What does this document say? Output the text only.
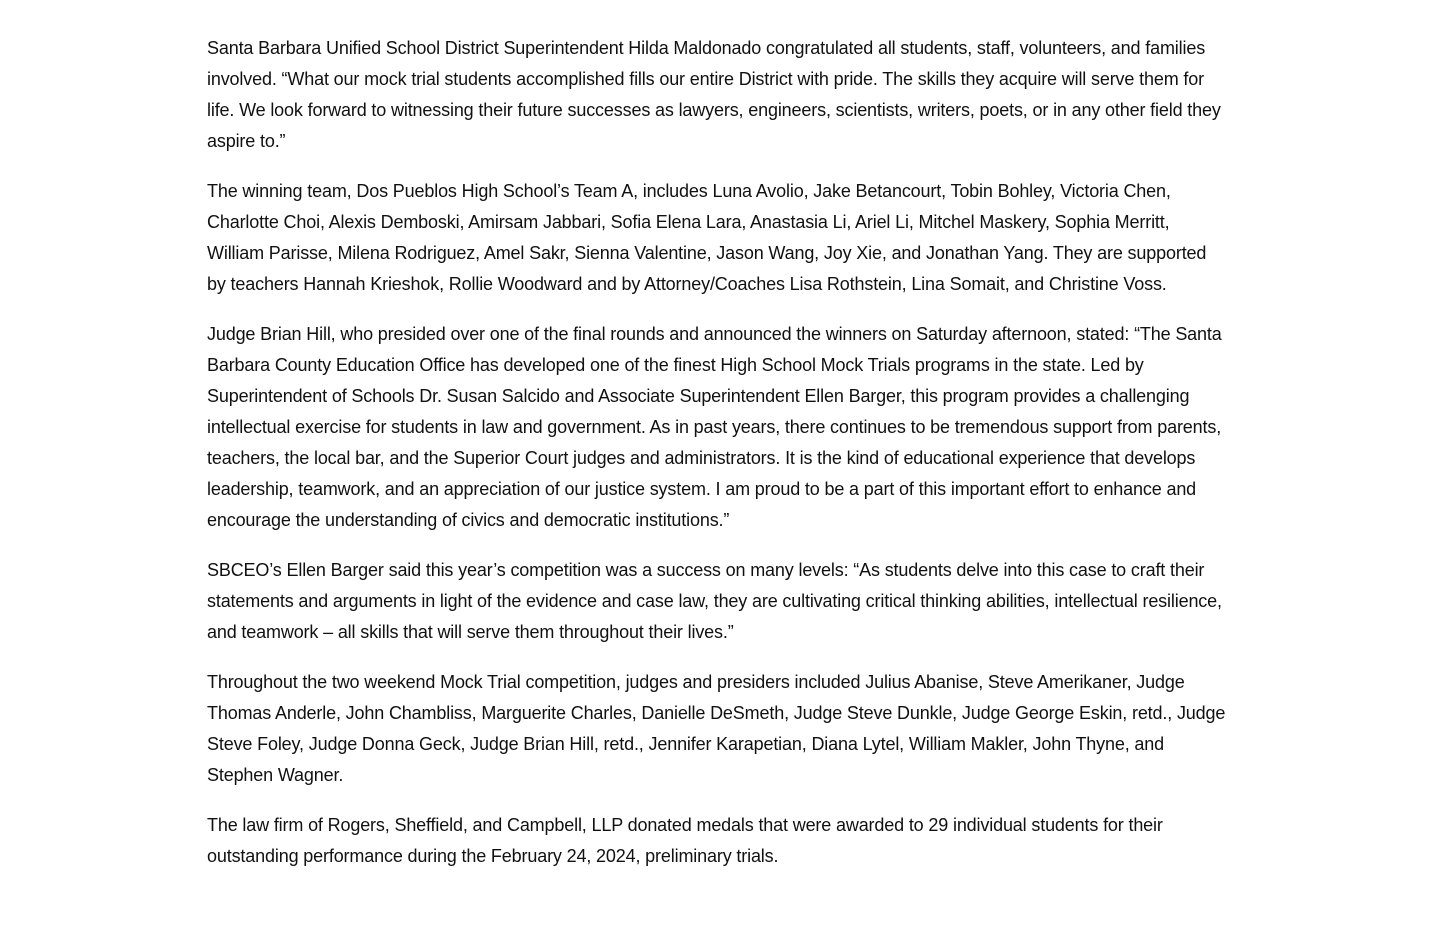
Santa Barbara Unified School District Superintendent Hilda Maldonado congratulated all students, staff, volunteers, and families involved. “What our mock trial students accomplished fills our entire District with pride. The skills they acquire will serve them for life. We look forward to witnessing their future successes as lawyers, engineers, scientists, writers, poets, or in any other field they aspire to.”

The winning team, Dos Pueblos High School’s Team A, includes Luna Avolio, Jake Betancourt, Tobin Bohley, Victoria Chen, Charlotte Choi, Alexis Demboski, Amirsam Jabbari, Sofia Elena Lara, Anastasia Li, Ariel Li, Mitchel Maskery, Sophia Merritt, William Parisse, Milena Rodriguez, Amel Sakr, Sienna Valentine, Jason Wang, Joy Xie, and Jonathan Yang. They are supported by teachers Hannah Krieshok, Rollie Woodward and by Attorney/Coaches Lisa Rothstein, Lina Somait, and Christine Voss.

Judge Brian Hill, who presided over one of the final rounds and announced the winners on Saturday afternoon, stated: “The Santa Barbara County Education Office has developed one of the finest High School Mock Trials programs in the state. Led by Superintendent of Schools Dr. Susan Salcido and Associate Superintendent Ellen Barger, this program provides a challenging intellectual exercise for students in law and government. As in past years, there continues to be tremendous support from parents, teachers, the local bar, and the Superior Court judges and administrators. It is the kind of educational experience that develops leadership, teamwork, and an appreciation of our justice system. I am proud to be a part of this important effort to enhance and encourage the understanding of civics and democratic institutions.”

SBCEO’s Ellen Barger said this year’s competition was a success on many levels: “As students delve into this case to craft their statements and arguments in light of the evidence and case law, they are cultivating critical thinking abilities, intellectual resilience, and teamwork – all skills that will serve them throughout their lives.”

Throughout the two weekend Mock Trial competition, judges and presiders included Julius Abanise, Steve Amerikaner, Judge Thomas Anderle, John Chambliss, Marguerite Charles, Danielle DeSmeth, Judge Steve Dunkle, Judge George Eskin, retd., Judge Steve Foley, Judge Donna Geck, Judge Brian Hill, retd., Jennifer Karapetian, Diana Lytel, William Makler, John Thyne, and Stephen Wagner.

The law firm of Rogers, Sheffield, and Campbell, LLP donated medals that were awarded to 29 individual students for their outstanding performance during the February 24, 2024, preliminary trials.
